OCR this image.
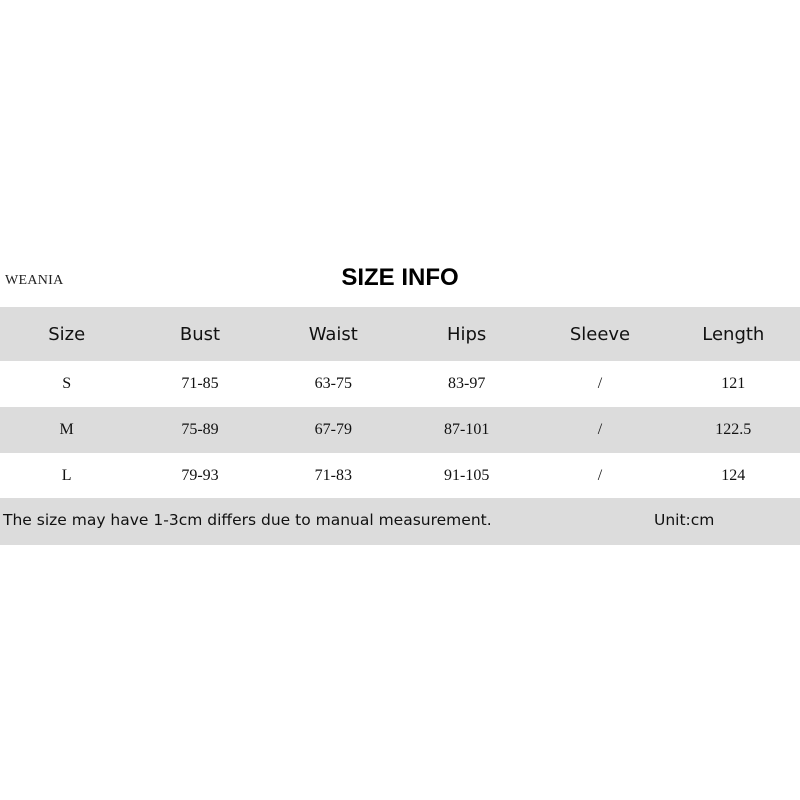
WEANIA	SIZE INFO
Size	Bust	Waist	Hips	Sleeve	Length
S	71-85	63-75	83-97	/	121
M	75-89	67-79	87-101	/	122.5
L	79-93	71-83	91-105	/	124
The size may have 1-3cm differs due to manual measurement.	Unit:cm
